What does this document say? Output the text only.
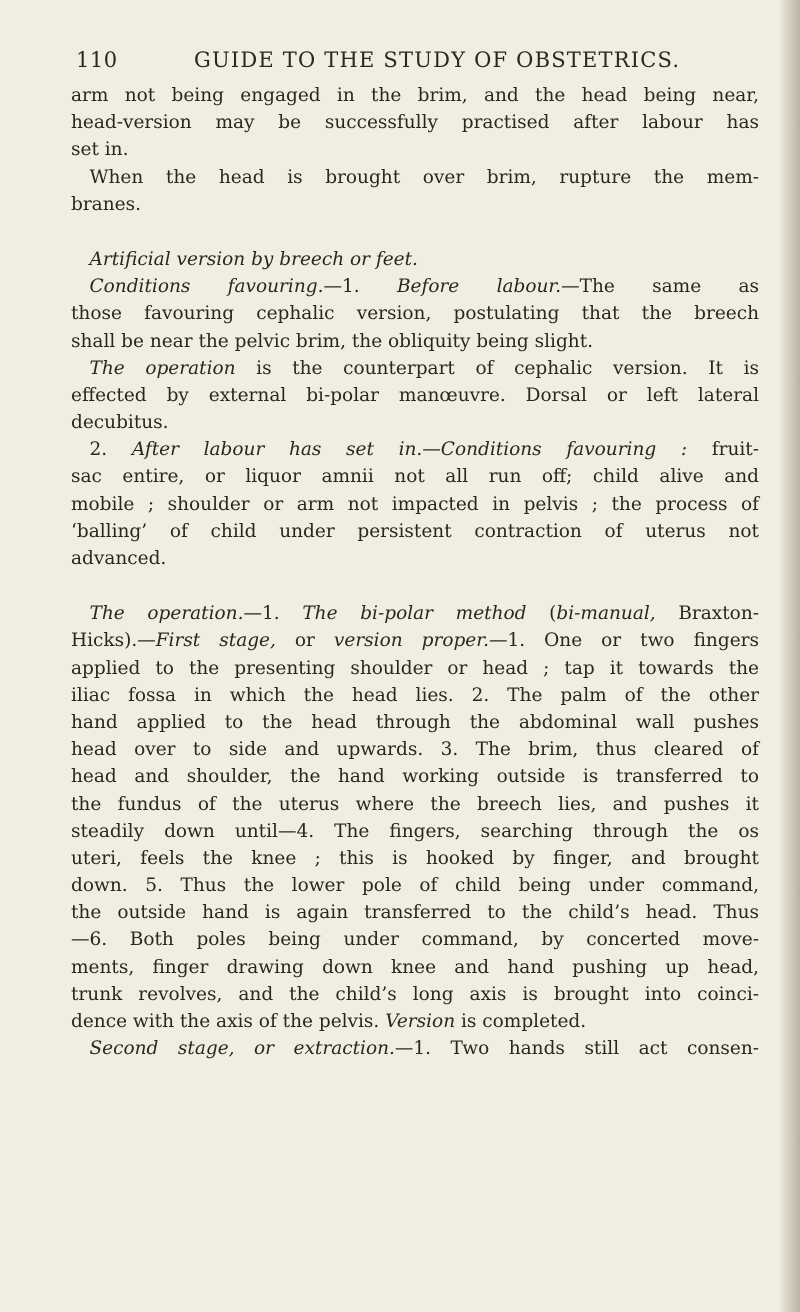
110	GUIDE TO THE STUDY OF OBSTETRICS.
arm not being engaged in the brim, and the head being near,
head-version may be successfully practised after labour has
set in.
 When the head is brought over brim, rupture the mem-
branes.
 Artificial version by breech or feet.
 Conditions favouring.—1. Before labour.—The same as
those favouring cephalic version, postulating that the breech
shall be near the pelvic brim, the obliquity being slight.
 The operation is the counterpart of cephalic version. It is
effected by external bi-polar manœuvre. Dorsal or left lateral
decubitus.
 2. After labour has set in.—Conditions favouring : fruit-
sac entire, or liquor amnii not all run off; child alive and
mobile ; shoulder or arm not impacted in pelvis ; the process of
‘balling’ of child under persistent contraction of uterus not
advanced.
 The operation.—1. The bi-polar method (bi-manual, Braxton-
Hicks).—First stage, or version proper.—1. One or two fingers
applied to the presenting shoulder or head ; tap it towards the
iliac fossa in which the head lies. 2. The palm of the other
hand applied to the head through the abdominal wall pushes
head over to side and upwards. 3. The brim, thus cleared of
head and shoulder, the hand working outside is transferred to
the fundus of the uterus where the breech lies, and pushes it
steadily down until—4. The fingers, searching through the os
uteri, feels the knee ; this is hooked by finger, and brought
down. 5. Thus the lower pole of child being under command,
the outside hand is again transferred to the child’s head. Thus
—6. Both poles being under command, by concerted move-
ments, finger drawing down knee and hand pushing up head,
trunk revolves, and the child’s long axis is brought into coinci-
dence with the axis of the pelvis. Version is completed.
 Second stage, or extraction.—1. Two hands still act consen-
